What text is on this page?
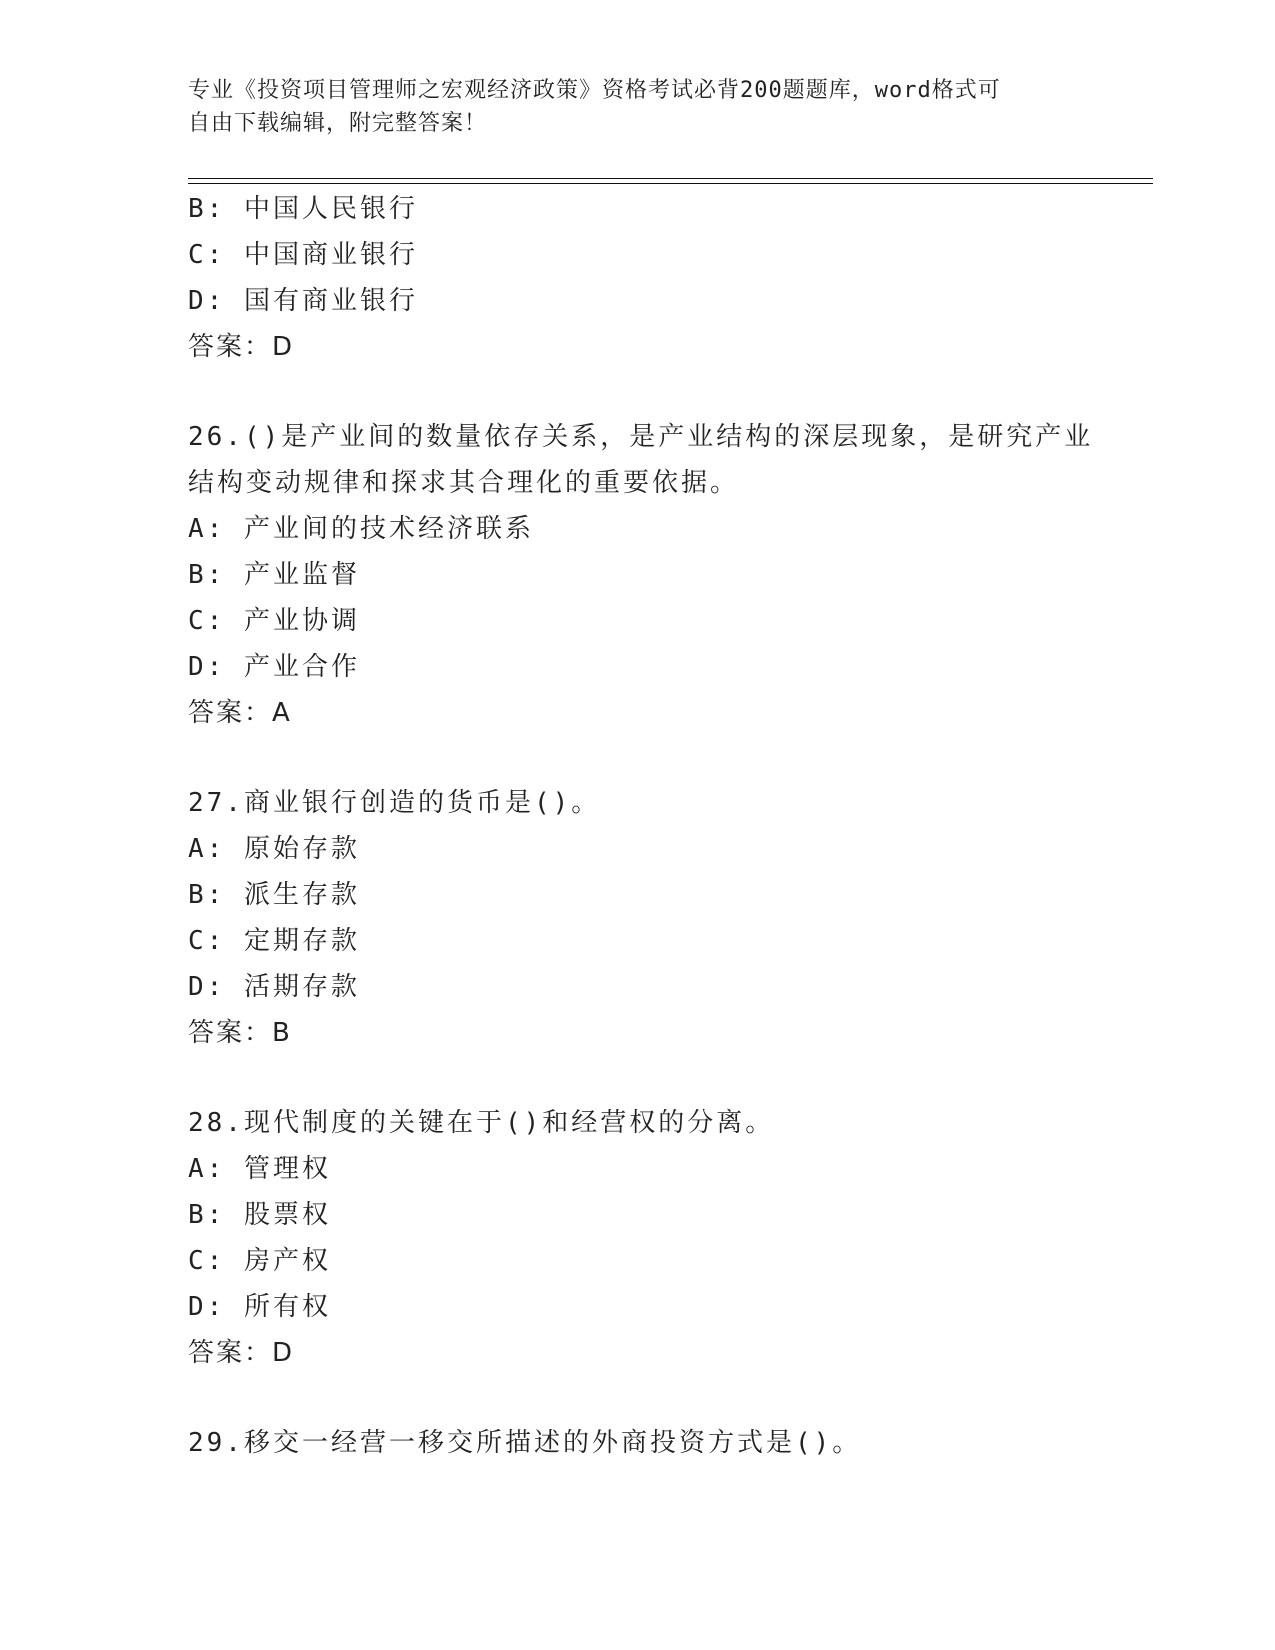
专业《投资项目管理师之宏观经济政策》资格考试必背200题题库，word格式可
自由下载编辑，附完整答案！
B: 中国人民银行
C: 中国商业银行
D: 国有商业银行
答案：D
26.()是产业间的数量依存关系，是产业结构的深层现象，是研究产业
结构变动规律和探求其合理化的重要依据。
A: 产业间的技术经济联系
B: 产业监督
C: 产业协调
D: 产业合作
答案：A
27.商业银行创造的货币是()。
A: 原始存款
B: 派生存款
C: 定期存款
D: 活期存款
答案：B
28.现代制度的关键在于()和经营权的分离。
A: 管理权
B: 股票权
C: 房产权
D: 所有权
答案：D
29.移交一经营一移交所描述的外商投资方式是()。
